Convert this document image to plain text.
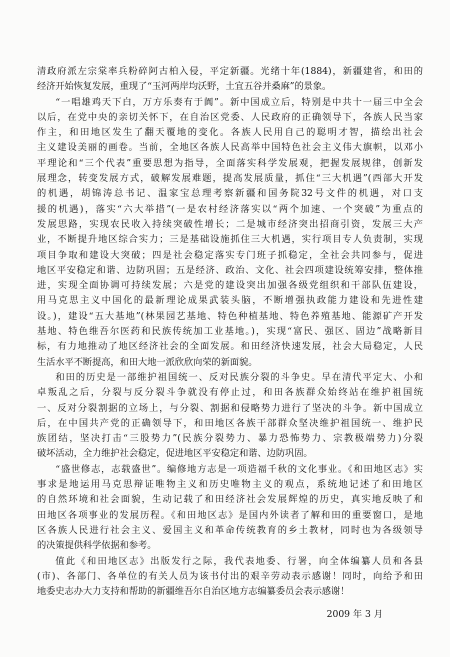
清政府派左宗棠率兵粉碎阿古柏入侵，平定新疆。光绪十年(1884)，新疆建省，和田的
经济开始恢复发展，重现了“玉河两岸均沃野，土宜五谷并桑麻”的景象。
“一唱雄鸡天下白，万方乐奏有于阗”。新中国成立后，特别是中共十一届三中全会
以后，在党中央的亲切关怀下，在自治区党委、人民政府的正确领导下，各族人民当家
作主，和田地区发生了翻天覆地的变化。各族人民用自己的聪明才智，描绘出社会
主义建设美丽的画卷。当前，全地区各族人民高举中国特色社会主义伟大旗帜，以邓小
平理论和“三个代表”重要思想为指导，全面落实科学发展观，把握发展规律，创新发
展理念，转变发展方式，破解发展难题，提高发展质量，抓住“三大机遇”(西部大开发
的机遇，胡锦涛总书记、温家宝总理考察新疆和国务院32号文件的机遇，对口支
援的机遇)，落实“六大举措”(一是农村经济落实以“两个加速、一个突破”为重点的
发展思路，实现农民收入持续突破性增长；二是城市经济突出招商引资，发展三大产
业，不断提升地区综合实力；三是基础设施抓住三大机遇，实行项目专人负责制，实现
项目争取和建设大突破；四是社会稳定落实专门班子抓稳定，全社会共同参与，促进
地区平安稳定和谐、边防巩固；五是经济、政治、文化、社会四项建设统筹安排，整体推
进，实现全面协调可持续发展；六是党的建设突出加强各级党组织和干部队伍建设，
用马克思主义中国化的最新理论成果武装头脑，不断增强执政能力建设和先进性建
设。)，建设“五大基地”(林果园艺基地、特色种植基地、特色养殖基地、能源矿产开发
基地、特色维吾尔医药和民族传统加工业基地。)，实现“富民、强区、固边”战略新目
标，有力地推动了地区经济社会的全面发展。和田经济快速发展，社会大局稳定，人民
生活水平不断提高，和田大地一派欣欣向荣的新面貌。
和田的历史是一部维护祖国统一、反对民族分裂的斗争史。早在清代平定大、小和
卓叛乱之后，分裂与反分裂斗争就没有停止过，和田各族群众始终站在维护祖国统
一、反对分裂割据的立场上，与分裂、割据和侵略势力进行了坚决的斗争。新中国成立
后，在中国共产党的正确领导下，和田地区各族干部群众坚决维护祖国统一、维护民
族团结，坚决打击“三股势力”(民族分裂势力、暴力恐怖势力、宗教极端势力)分裂
破坏活动，全力维护社会稳定，促进地区平安稳定和谐、边防巩固。
“盛世修志，志载盛世”。编修地方志是一项造福千秋的文化事业。《和田地区志》实
事求是地运用马克思辩证唯物主义和历史唯物主义的观点，系统地记述了和田地区
的自然环境和社会面貌，生动记载了和田经济社会发展辉煌的历史，真实地反映了和
田地区各项事业的发展历程。《和田地区志》是国内外读者了解和田的重要窗口，是地
区各族人民进行社会主义、爱国主义和革命传统教育的乡土教材，同时也为各级领导
的决策提供科学依据和参考。
值此《和田地区志》出版发行之际，我代表地委、行署，向全体编纂人员和各县
(市)、各部门、各单位的有关人员为该书付出的艰辛劳动表示感谢！同时，向给予和田
地委史志办大力支持和帮助的新疆维吾尔自治区地方志编纂委员会表示感谢！
2009 年 3 月
